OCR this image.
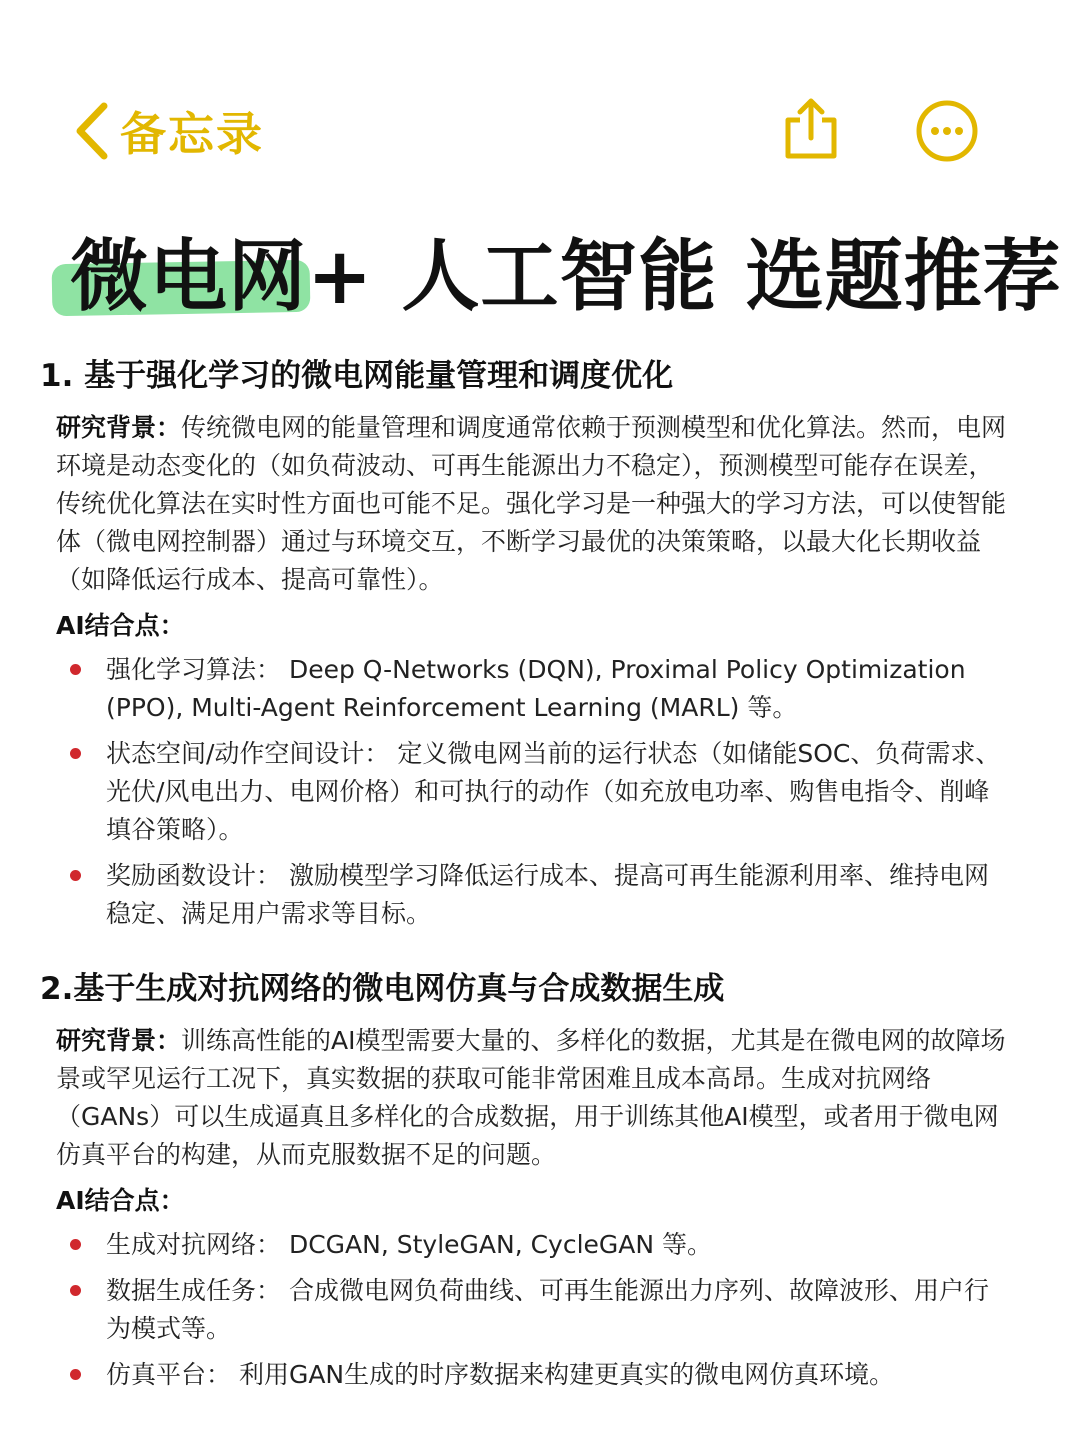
备忘录
微电网+ 人工智能 选题推荐
1. 基于强化学习的微电网能量管理和调度优化
研究背景：传统微电网的能量管理和调度通常依赖于预测模型和优化算法。然而，电网环境是动态变化的（如负荷波动、可再生能源出力不稳定），预测模型可能存在误差，传统优化算法在实时性方面也可能不足。强化学习是一种强大的学习方法，可以使智能体（微电网控制器）通过与环境交互，不断学习最优的决策策略，以最大化长期收益（如降低运行成本、提高可靠性）。
AI结合点：
强化学习算法： Deep Q-Networks (DQN), Proximal Policy Optimization (PPO), Multi-Agent Reinforcement Learning (MARL) 等。
状态空间/动作空间设计： 定义微电网当前的运行状态（如储能SOC、负荷需求、光伏/风电出力、电网价格）和可执行的动作（如充放电功率、购售电指令、削峰填谷策略）。
奖励函数设计： 激励模型学习降低运行成本、提高可再生能源利用率、维持电网稳定、满足用户需求等目标。
2.基于生成对抗网络的微电网仿真与合成数据生成
研究背景：训练高性能的AI模型需要大量的、多样化的数据，尤其是在微电网的故障场景或罕见运行工况下，真实数据的获取可能非常困难且成本高昂。生成对抗网络（GANs）可以生成逼真且多样化的合成数据，用于训练其他AI模型，或者用于微电网仿真平台的构建，从而克服数据不足的问题。
AI结合点：
生成对抗网络： DCGAN, StyleGAN, CycleGAN 等。
数据生成任务： 合成微电网负荷曲线、可再生能源出力序列、故障波形、用户行为模式等。
仿真平台： 利用GAN生成的时序数据来构建更真实的微电网仿真环境。
